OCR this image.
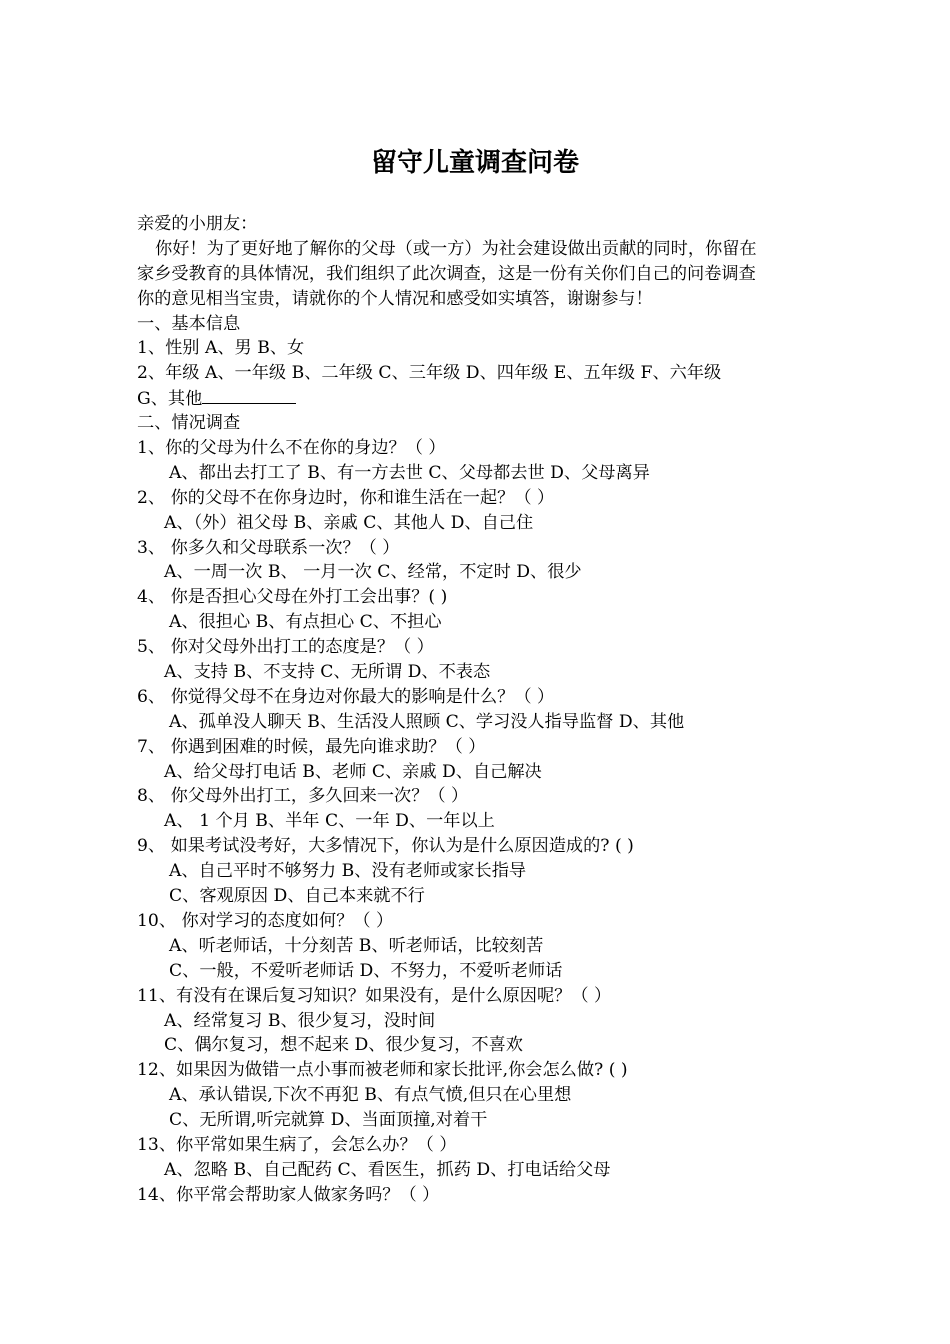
留守儿童调查问卷
亲爱的小朋友：
你好！为了更好地了解你的父母（或一方）为社会建设做出贡献的同时，你留在
家乡受教育的具体情况，我们组织了此次调查，这是一份有关你们自己的问卷调查
你的意见相当宝贵，请就你的个人情况和感受如实填答，谢谢参与！
一、基本信息
1、性别 A、男 B、女
2、年级 A、一年级 B、二年级 C、三年级 D、四年级 E、五年级 F、六年级
G、其他
二、情况调查
1、你的父母为什么不在你的身边？（ ）
A、都出去打工了 B、有一方去世 C、父母都去世 D、父母离异
2、 你的父母不在你身边时，你和谁生活在一起？（ ）
A、（外）祖父母 B、亲戚 C、其他人 D、自己住
3、 你多久和父母联系一次？（ ）
A、一周一次 B、 一月一次 C、经常，不定时 D、很少
4、 你是否担心父母在外打工会出事？( )
A、很担心 B、有点担心 C、不担心
5、 你对父母外出打工的态度是？（ ）
A、支持 B、不支持 C、无所谓 D、不表态
6、 你觉得父母不在身边对你最大的影响是什么？（ ）
A、孤单没人聊天 B、生活没人照顾 C、学习没人指导监督 D、其他
7、 你遇到困难的时候，最先向谁求助？（ ）
A、给父母打电话 B、老师 C、亲戚 D、自己解决
8、 你父母外出打工，多久回来一次？（ ）
A、 1 个月 B、半年 C、一年 D、一年以上
9、 如果考试没考好，大多情况下，你认为是什么原因造成的? ( )
A、自己平时不够努力 B、没有老师或家长指导
C、客观原因 D、自己本来就不行
10、 你对学习的态度如何？（ ）
A、听老师话，十分刻苦 B、听老师话，比较刻苦
C、一般，不爱听老师话 D、不努力，不爱听老师话
11、有没有在课后复习知识？如果没有，是什么原因呢？（ ）
A、经常复习 B、很少复习，没时间
C、偶尔复习，想不起来 D、很少复习，不喜欢
12、如果因为做错一点小事而被老师和家长批评,你会怎么做? ( )
A、承认错误,下次不再犯 B、有点气愤,但只在心里想
C、无所谓,听完就算 D、当面顶撞,对着干
13、你平常如果生病了，会怎么办？（ ）
A、忽略 B、自己配药 C、看医生，抓药 D、打电话给父母
14、你平常会帮助家人做家务吗？（ ）
